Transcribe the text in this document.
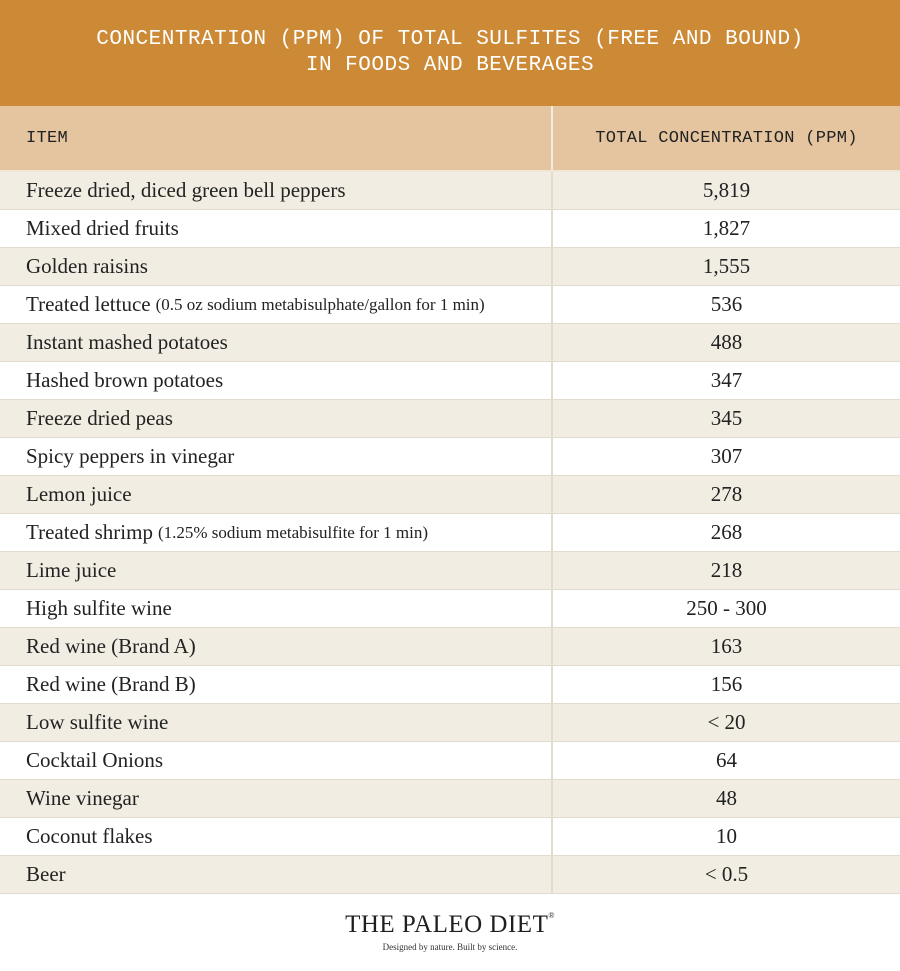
CONCENTRATION (PPM) OF TOTAL SULFITES (FREE AND BOUND)
IN FOODS AND BEVERAGES
ITEM	TOTAL CONCENTRATION (PPM)
Freeze dried, diced green bell peppers	5,819
Mixed dried fruits	1,827
Golden raisins	1,555
Treated lettuce (0.5 oz sodium metabisulphate/gallon for 1 min)	536
Instant mashed potatoes	488
Hashed brown potatoes	347
Freeze dried peas	345
Spicy peppers in vinegar	307
Lemon juice	278
Treated shrimp (1.25% sodium metabisulfite for 1 min)	268
Lime juice	218
High sulfite wine	250 - 300
Red wine (Brand A)	163
Red wine (Brand B)	156
Low sulfite wine	< 20
Cocktail Onions	64
Wine vinegar	48
Coconut flakes	10
Beer	< 0.5
THE PALEO DIET®
Designed by nature. Built by science.
